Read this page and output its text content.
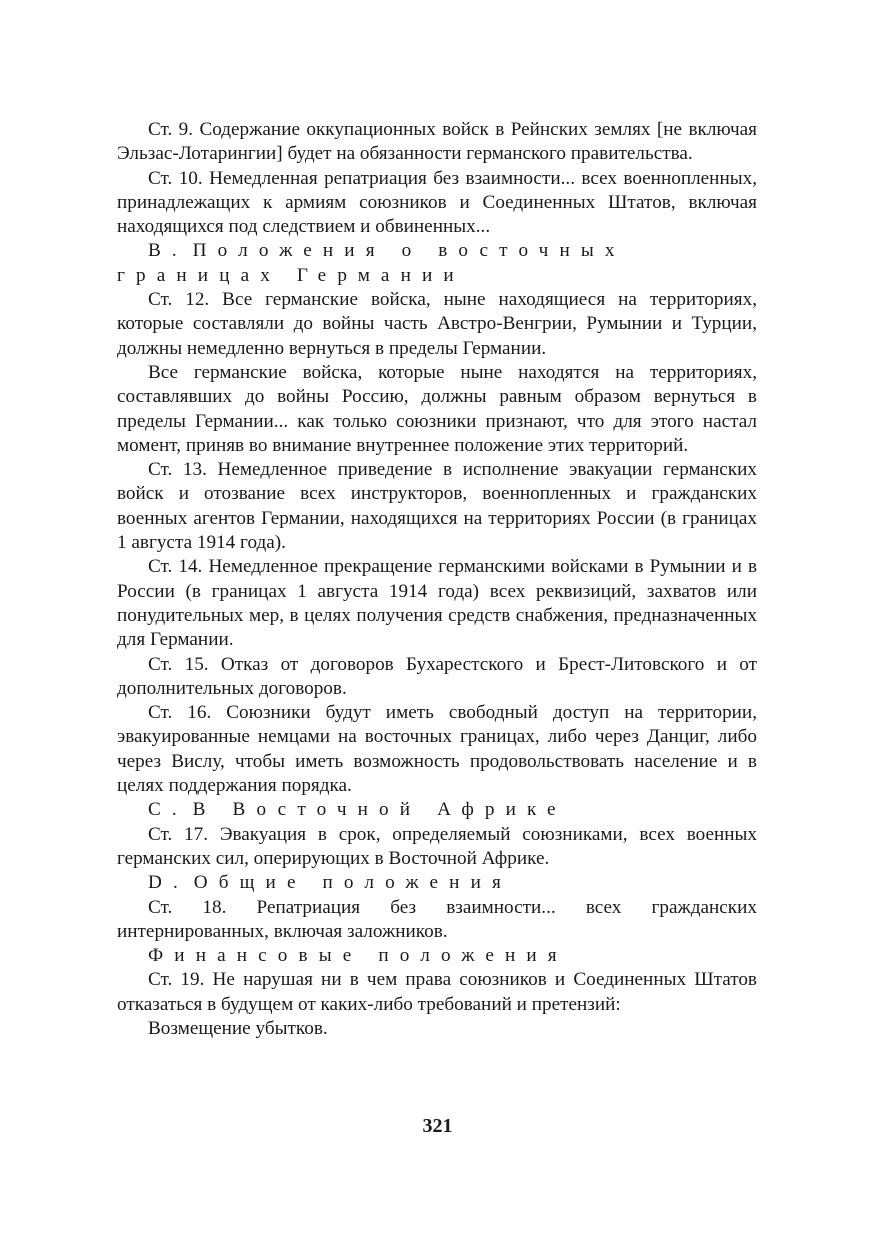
Ст. 9. Содержание оккупационных войск в Рейнских землях [не включая Эльзас-Лотарингии] будет на обязанности германского правительства.

Ст. 10. Немедленная репатриация без взаимности... всех военнопленных, принадлежащих к армиям союзников и Соединенных Штатов, включая находящихся под следствием и обвиненных...

B. Положения о восточных границах Германии

Ст. 12. Все германские войска, ныне находящиеся на территориях, которые составляли до войны часть Австро-Венгрии, Румынии и Турции, должны немедленно вернуться в пределы Германии.

Все германские войска, которые ныне находятся на территориях, составлявших до войны Россию, должны равным образом вернуться в пределы Германии... как только союзники признают, что для этого настал момент, приняв во внимание внутреннее положение этих территорий.

Ст. 13. Немедленное приведение в исполнение эвакуации германских войск и отозвание всех инструкторов, военнопленных и гражданских военных агентов Германии, находящихся на территориях России (в границах 1 августа 1914 года).

Ст. 14. Немедленное прекращение германскими войсками в Румынии и в России (в границах 1 августа 1914 года) всех реквизиций, захватов или понудительных мер, в целях получения средств снабжения, предназначенных для Германии.

Ст. 15. Отказ от договоров Бухарестского и Брест-Литовского и от дополнительных договоров.

Ст. 16. Союзники будут иметь свободный доступ на территории, эвакуированные немцами на восточных границах, либо через Данциг, либо через Вислу, чтобы иметь возможность продовольствовать население и в целях поддержания порядка.

C. В Восточной Африке

Ст. 17. Эвакуация в срок, определяемый союзниками, всех военных германских сил, оперирующих в Восточной Африке.

D. Общие положения

Ст. 18. Репатриация без взаимности... всех гражданских интернированных, включая заложников.

Финансовые положения

Ст. 19. Не нарушая ни в чем права союзников и Соединенных Штатов отказаться в будущем от каких-либо требований и претензий:

Возмещение убытков.

321
